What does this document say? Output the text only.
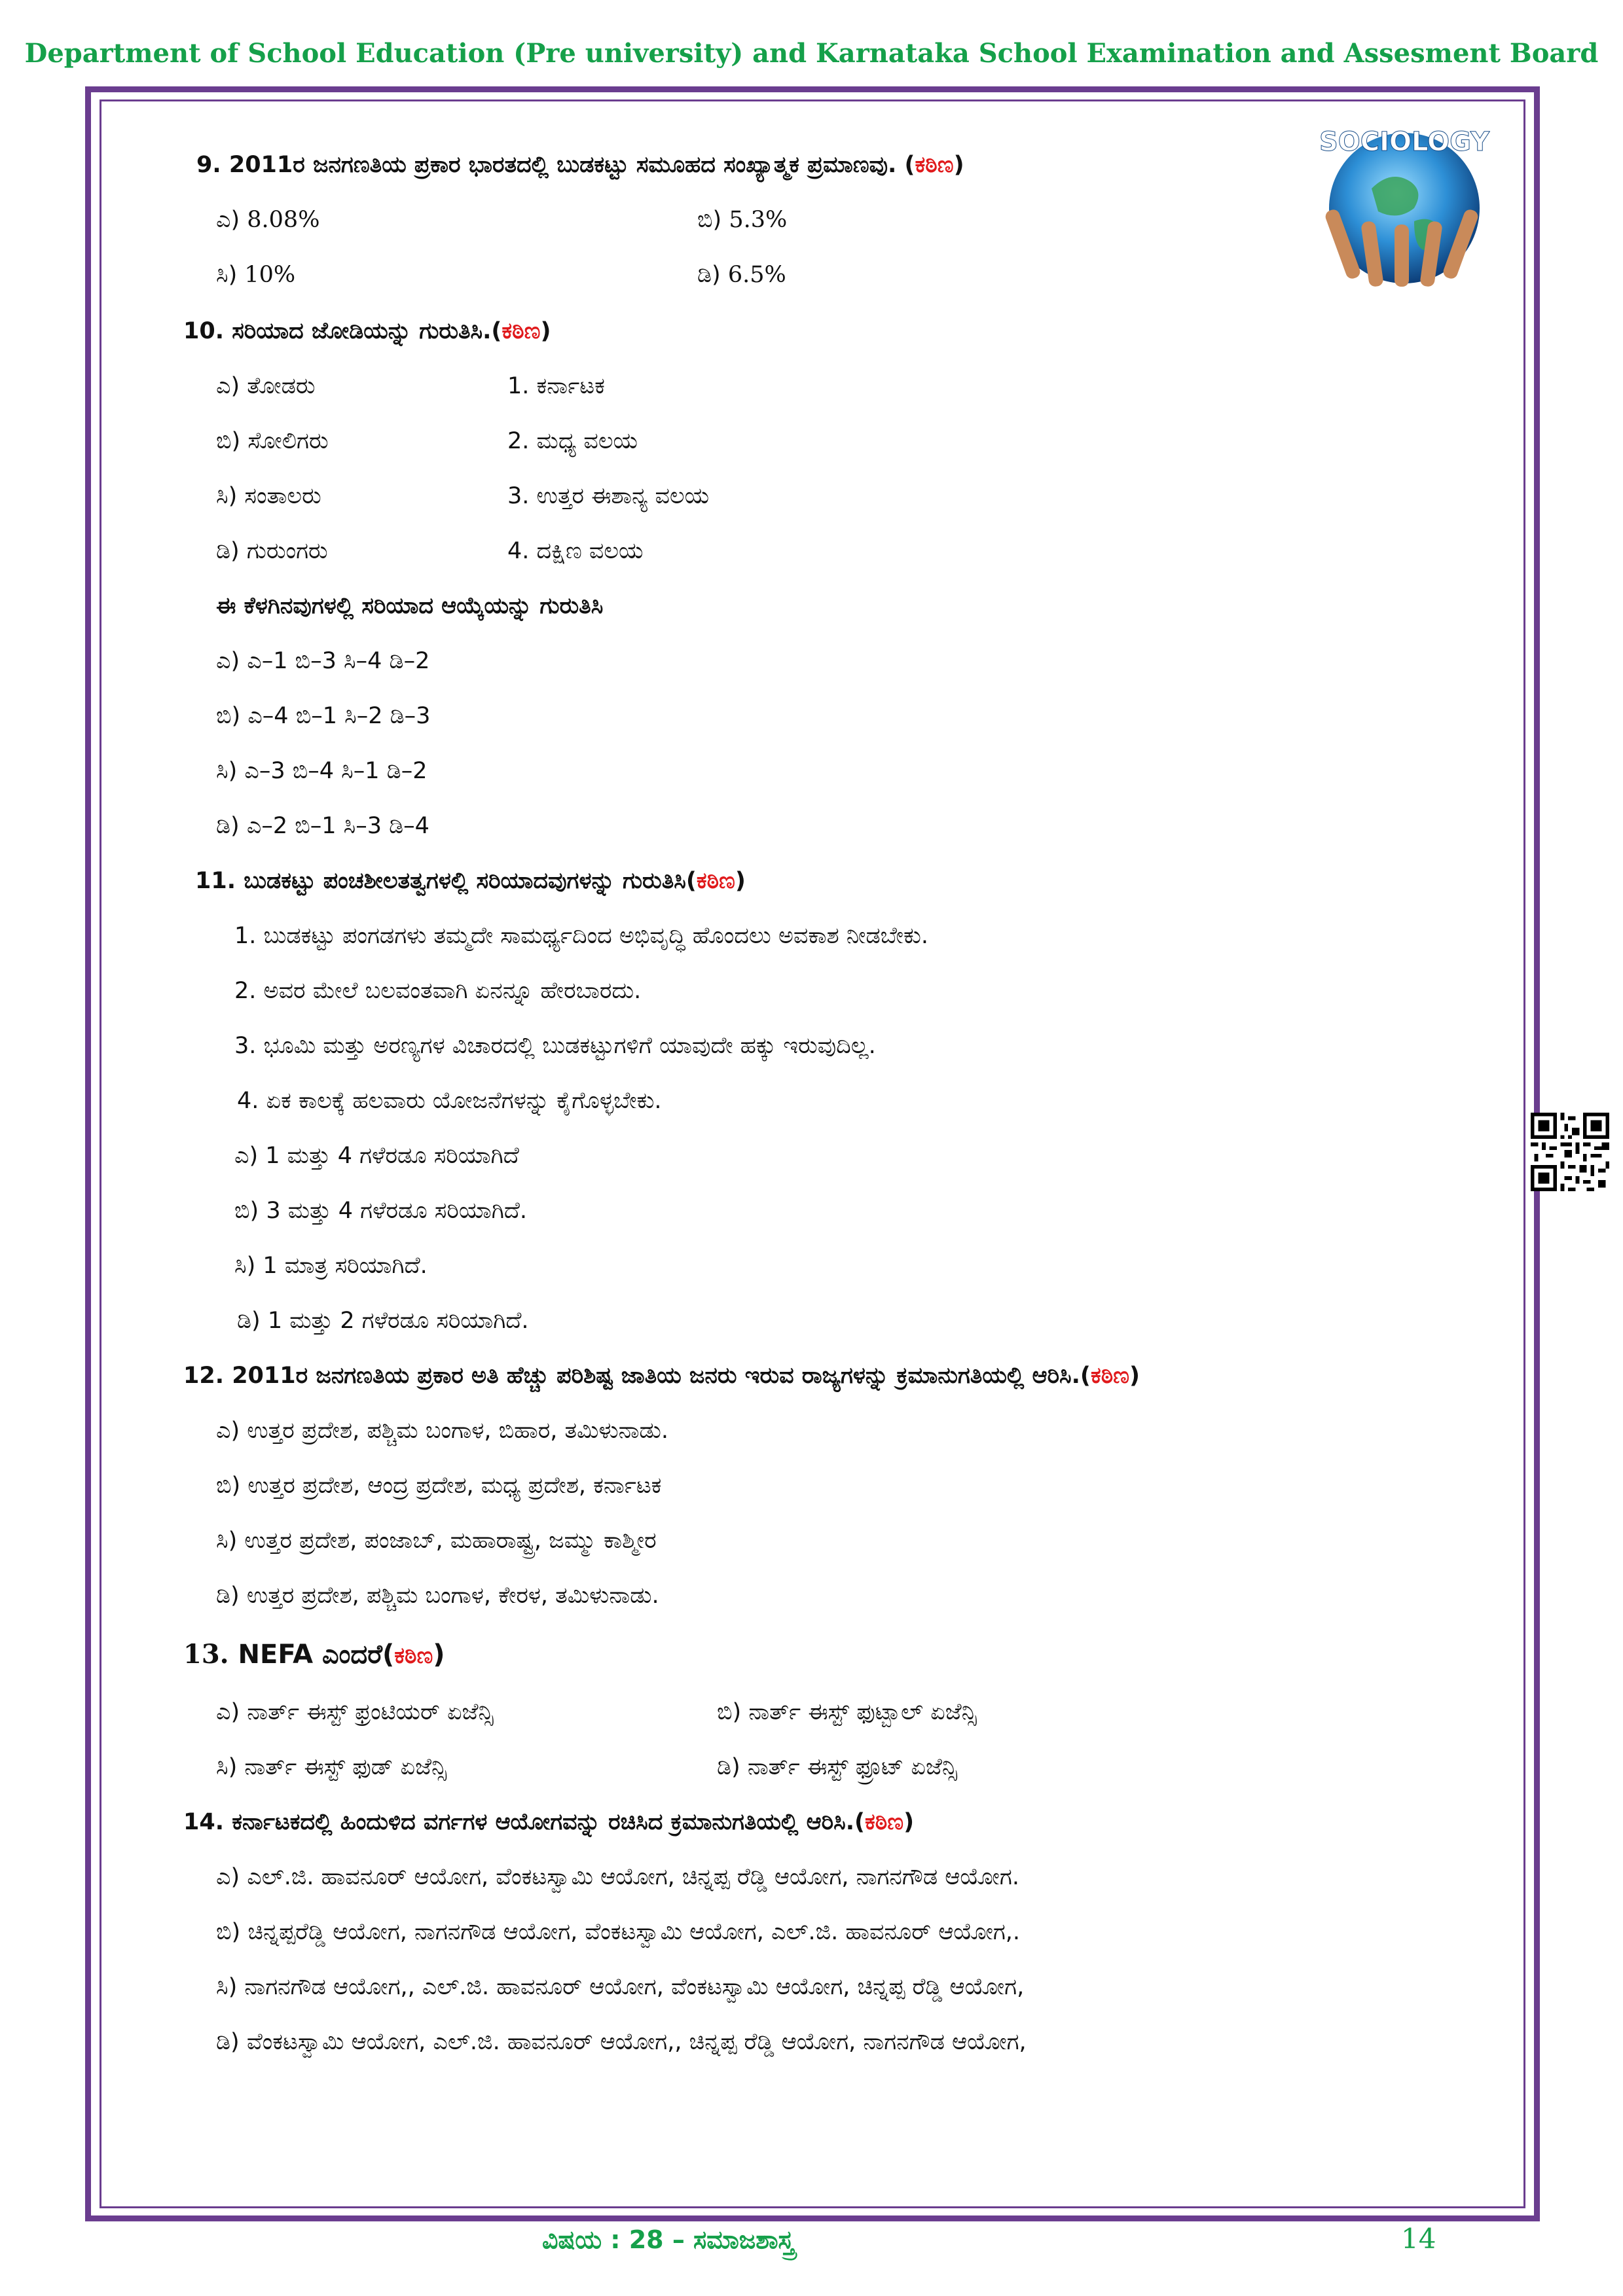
Department of School Education (Pre university) and Karnataka School Examination and Assesment Board
SOCIOLOGY
9. 2011ರ ಜನಗಣತಿಯ ಪ್ರಕಾರ ಭಾರತದಲ್ಲಿ ಬುಡಕಟ್ಟು ಸಮೂಹದ ಸಂಖ್ಯಾತ್ಮಕ ಪ್ರಮಾಣವು. (ಕಠಿಣ)
ಎ) 8.08%	ಬಿ) 5.3%
ಸಿ) 10%	ಡಿ) 6.5%
10. ಸರಿಯಾದ ಜೋಡಿಯನ್ನು ಗುರುತಿಸಿ.(ಕಠಿಣ)
ಎ) ತೋಡರು	1. ಕರ್ನಾಟಕ
ಬಿ) ಸೋಲಿಗರು	2. ಮಧ್ಯ ವಲಯ
ಸಿ) ಸಂತಾಲರು	3. ಉತ್ತರ ಈಶಾನ್ಯ ವಲಯ
ಡಿ) ಗುರುಂಗರು	4. ದಕ್ಷಿಣ ವಲಯ
ಈ ಕೆಳಗಿನವುಗಳಲ್ಲಿ ಸರಿಯಾದ ಆಯ್ಕೆಯನ್ನು ಗುರುತಿಸಿ
ಎ) ಎ–1 ಬಿ–3 ಸಿ–4 ಡಿ–2
ಬಿ) ಎ–4 ಬಿ–1 ಸಿ–2 ಡಿ–3
ಸಿ) ಎ–3 ಬಿ–4 ಸಿ–1 ಡಿ–2
ಡಿ) ಎ–2 ಬಿ–1 ಸಿ–3 ಡಿ–4
11. ಬುಡಕಟ್ಟು ಪಂಚಶೀಲತತ್ವಗಳಲ್ಲಿ ಸರಿಯಾದವುಗಳನ್ನು ಗುರುತಿಸಿ(ಕಠಿಣ)
1. ಬುಡಕಟ್ಟು ಪಂಗಡಗಳು ತಮ್ಮದೇ ಸಾಮರ್ಥ್ಯದಿಂದ ಅಭಿವೃದ್ಧಿ ಹೊಂದಲು ಅವಕಾಶ ನೀಡಬೇಕು.
2. ಅವರ ಮೇಲೆ ಬಲವಂತವಾಗಿ ಏನನ್ನೂ ಹೇರಬಾರದು.
3. ಭೂಮಿ ಮತ್ತು ಅರಣ್ಯಗಳ ವಿಚಾರದಲ್ಲಿ ಬುಡಕಟ್ಟುಗಳಿಗೆ ಯಾವುದೇ ಹಕ್ಕು ಇರುವುದಿಲ್ಲ.
4. ಏಕ ಕಾಲಕ್ಕೆ ಹಲವಾರು ಯೋಜನೆಗಳನ್ನು ಕೈಗೊಳ್ಳಬೇಕು.
ಎ) 1 ಮತ್ತು 4 ಗಳೆರಡೂ ಸರಿಯಾಗಿದೆ
ಬಿ) 3 ಮತ್ತು 4 ಗಳೆರಡೂ ಸರಿಯಾಗಿದೆ.
ಸಿ) 1 ಮಾತ್ರ ಸರಿಯಾಗಿದೆ.
ಡಿ) 1 ಮತ್ತು 2 ಗಳೆರಡೂ ಸರಿಯಾಗಿದೆ.
12. 2011ರ ಜನಗಣತಿಯ ಪ್ರಕಾರ ಅತಿ ಹೆಚ್ಚು ಪರಿಶಿಷ್ಟ ಜಾತಿಯ ಜನರು ಇರುವ ರಾಜ್ಯಗಳನ್ನು ಕ್ರಮಾನುಗತಿಯಲ್ಲಿ ಆರಿಸಿ.(ಕಠಿಣ)
ಎ) ಉತ್ತರ ಪ್ರದೇಶ, ಪಶ್ಚಿಮ ಬಂಗಾಳ, ಬಿಹಾರ, ತಮಿಳುನಾಡು.
ಬಿ) ಉತ್ತರ ಪ್ರದೇಶ, ಆಂದ್ರ ಪ್ರದೇಶ, ಮಧ್ಯ ಪ್ರದೇಶ, ಕರ್ನಾಟಕ
ಸಿ) ಉತ್ತರ ಪ್ರದೇಶ, ಪಂಜಾಬ್, ಮಹಾರಾಷ್ಟ್ರ, ಜಮ್ಮು ಕಾಶ್ಮೀರ
ಡಿ) ಉತ್ತರ ಪ್ರದೇಶ, ಪಶ್ಚಿಮ ಬಂಗಾಳ, ಕೇರಳ, ತಮಿಳುನಾಡು.
13. NEFA ಎಂದರೆ(ಕಠಿಣ)
ಎ) ನಾರ್ತ್ ಈಸ್ಟ್ ಫ್ರಂಟಿಯರ್ ಏಜೆನ್ಸಿ	ಬಿ) ನಾರ್ತ್ ಈಸ್ಟ್ ಫುಟ್ಬಾಲ್ ಏಜೆನ್ಸಿ
ಸಿ) ನಾರ್ತ್ ಈಸ್ಟ್ ಫುಡ್ ಏಜೆನ್ಸಿ	ಡಿ) ನಾರ್ತ್ ಈಸ್ಟ್ ಫ್ರೂಟ್ ಏಜೆನ್ಸಿ
14. ಕರ್ನಾಟಕದಲ್ಲಿ ಹಿಂದುಳಿದ ವರ್ಗಗಳ ಆಯೋಗವನ್ನು ರಚಿಸಿದ ಕ್ರಮಾನುಗತಿಯಲ್ಲಿ ಆರಿಸಿ.(ಕಠಿಣ)
ಎ) ಎಲ್.ಜಿ. ಹಾವನೂರ್ ಆಯೋಗ, ವೆಂಕಟಸ್ವಾಮಿ ಆಯೋಗ, ಚಿನ್ನಪ್ಪ ರೆಡ್ಡಿ ಆಯೋಗ, ನಾಗನಗೌಡ ಆಯೋಗ.
ಬಿ) ಚಿನ್ನಪ್ಪರೆಡ್ಡಿ ಆಯೋಗ, ನಾಗನಗೌಡ ಆಯೋಗ, ವೆಂಕಟಸ್ವಾಮಿ ಆಯೋಗ, ಎಲ್.ಜಿ. ಹಾವನೂರ್ ಆಯೋಗ,.
ಸಿ) ನಾಗನಗೌಡ ಆಯೋಗ,, ಎಲ್.ಜಿ. ಹಾವನೂರ್ ಆಯೋಗ, ವೆಂಕಟಸ್ವಾಮಿ ಆಯೋಗ, ಚಿನ್ನಪ್ಪ ರೆಡ್ಡಿ ಆಯೋಗ,
ಡಿ) ವೆಂಕಟಸ್ವಾಮಿ ಆಯೋಗ, ಎಲ್.ಜಿ. ಹಾವನೂರ್ ಆಯೋಗ,, ಚಿನ್ನಪ್ಪ ರೆಡ್ಡಿ ಆಯೋಗ, ನಾಗನಗೌಡ ಆಯೋಗ,
ವಿಷಯ : 28 – ಸಮಾಜಶಾಸ್ತ್ರ	14
